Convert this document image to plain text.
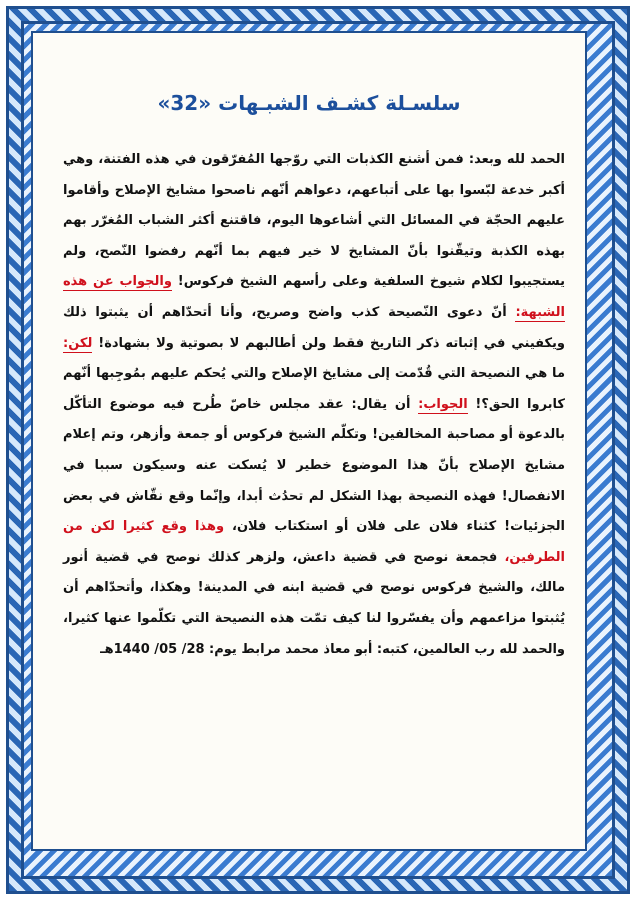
سلسـلة كشـف الشبـهات «32»
الحمد لله وبعد: فمن أشنع الكذبات التي روّجها المُفرّقون في هذه الفتنة، وهي أكبر خدعة لبّسوا بها على أتباعهم، دعواهم أنّهم ناصحوا مشايخ الإصلاح وأقاموا عليهم الحجّة في المسائل التي أشاعوها اليوم، فاقتنع أكثر الشباب المُغرّر بهم بهذه الكذبة وتيقّنوا بأنّ المشايخ لا خير فيهم بما أنّهم رفضوا النّصح، ولم يستجيبوا لكلام شيوخ السلفية وعلى رأسهم الشيخ فركوس! والجواب عن هذه الشبهة: أنّ دعوى النّصيحة كذب واضح وصريح، وأنا أتحدّاهم أن يثبتوا ذلك ويكفيني في إثباته ذكر التاريخ فقط ولن أطالبهم لا بصوتية ولا بشهادة! لكن: ما هي النصيحة التي قُدّمت إلى مشايخ الإصلاح والتي يُحكم عليهم بمُوجِبها أنّهم كابروا الحق؟! الجواب: أن يقال: عقد مجلس خاصّ طُرح فيه موضوع التأكّل بالدعوة أو مصاحبة المخالفين! وتكلّم الشيخ فركوس أو جمعة وأزهر، وتم إعلام مشايخ الإصلاح بأنّ هذا الموضوع خطير لا يُسكت عنه وسيكون سببا في الانفصال! فهذه النصيحة بهذا الشكل لم تحدُث أبدا، وإنّما وقع نقّاش في بعض الجزئيات! كثناء فلان على فلان أو استكتاب فلان، وهذا وقع كثيرا لكن من الطرفين، فجمعة نوصح في قضية داعش، ولزهر كذلك نوصح في قضية أنور مالك، والشيخ فركوس نوصح في قضية ابنه في المدينة! وهكذا، وأتحدّاهم أن يُثبتوا مزاعمهم وأن يفسّروا لنا كيف تمّت هذه النصيحة التي تكلّموا عنها كثيرا، والحمد لله رب العالمين، كتبه: أبو معاذ محمد مرابط يوم: 28/ 05/ 1440هـ
